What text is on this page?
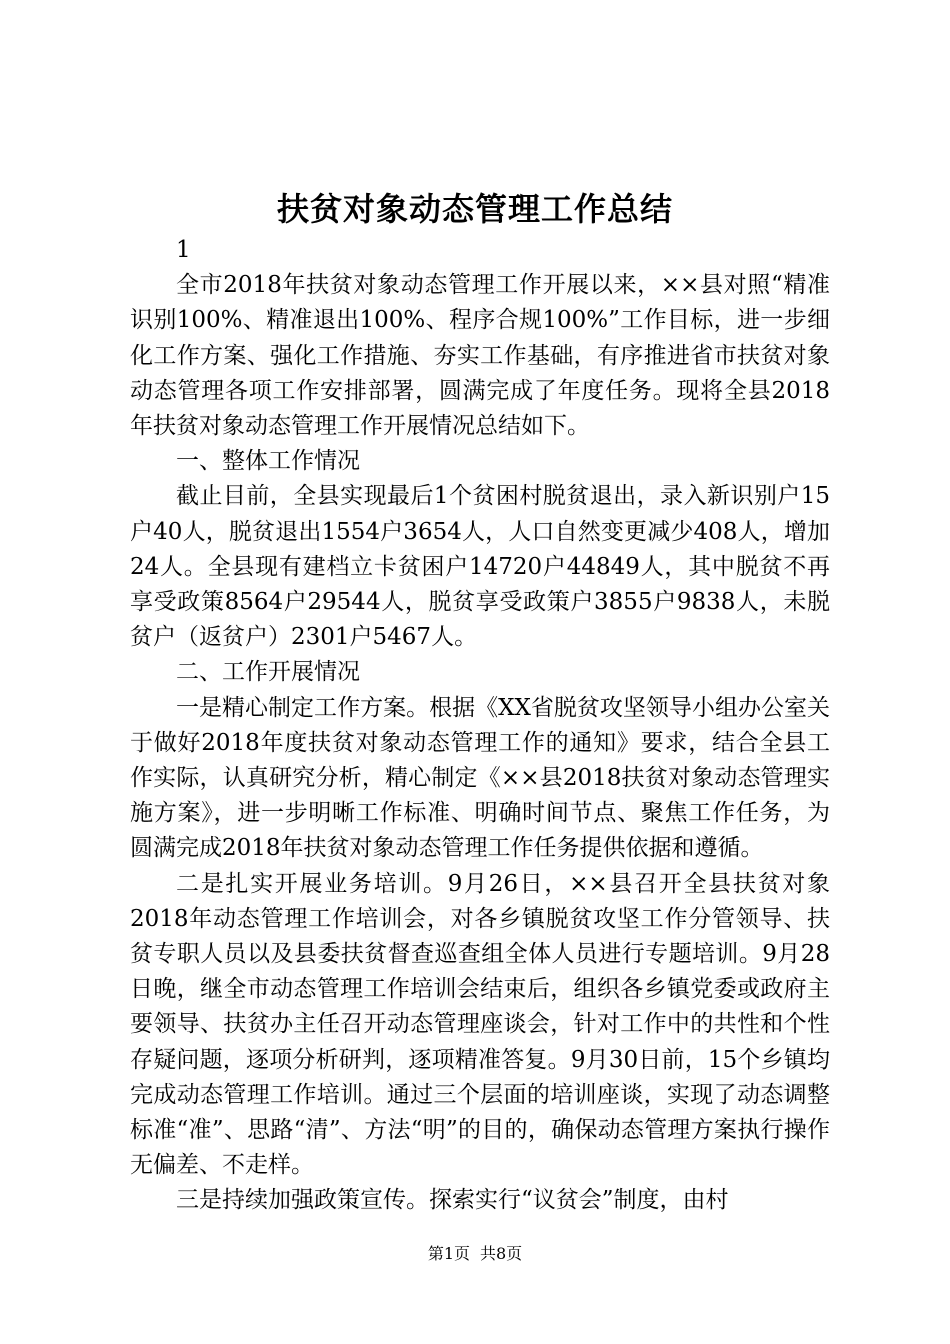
扶贫对象动态管理工作总结

1

全市2018年扶贫对象动态管理工作开展以来，××县对照“精准识别100%、精准退出100%、程序合规100%”工作目标，进一步细化工作方案、强化工作措施、夯实工作基础，有序推进省市扶贫对象动态管理各项工作安排部署，圆满完成了年度任务。现将全县2018年扶贫对象动态管理工作开展情况总结如下。

一、整体工作情况

截止目前，全县实现最后1个贫困村脱贫退出，录入新识别户15户40人，脱贫退出1554户3654人，人口自然变更减少408人，增加24人。全县现有建档立卡贫困户14720户44849人，其中脱贫不再享受政策8564户29544人，脱贫享受政策户3855户9838人，未脱贫户（返贫户）2301户5467人。

二、工作开展情况

一是精心制定工作方案。根据《XX省脱贫攻坚领导小组办公室关于做好2018年度扶贫对象动态管理工作的通知》要求，结合全县工作实际，认真研究分析，精心制定《××县2018扶贫对象动态管理实施方案》，进一步明晰工作标准、明确时间节点、聚焦工作任务，为圆满完成2018年扶贫对象动态管理工作任务提供依据和遵循。

二是扎实开展业务培训。9月26日，××县召开全县扶贫对象2018年动态管理工作培训会，对各乡镇脱贫攻坚工作分管领导、扶贫专职人员以及县委扶贫督查巡查组全体人员进行专题培训。9月28日晚，继全市动态管理工作培训会结束后，组织各乡镇党委或政府主要领导、扶贫办主任召开动态管理座谈会，针对工作中的共性和个性存疑问题，逐项分析研判，逐项精准答复。9月30日前，15个乡镇均完成动态管理工作培训。通过三个层面的培训座谈，实现了动态调整标准“准”、思路“清”、方法“明”的目的，确保动态管理方案执行操作无偏差、不走样。

三是持续加强政策宣传。探索实行“议贫会”制度，由村

第1页 共8页
